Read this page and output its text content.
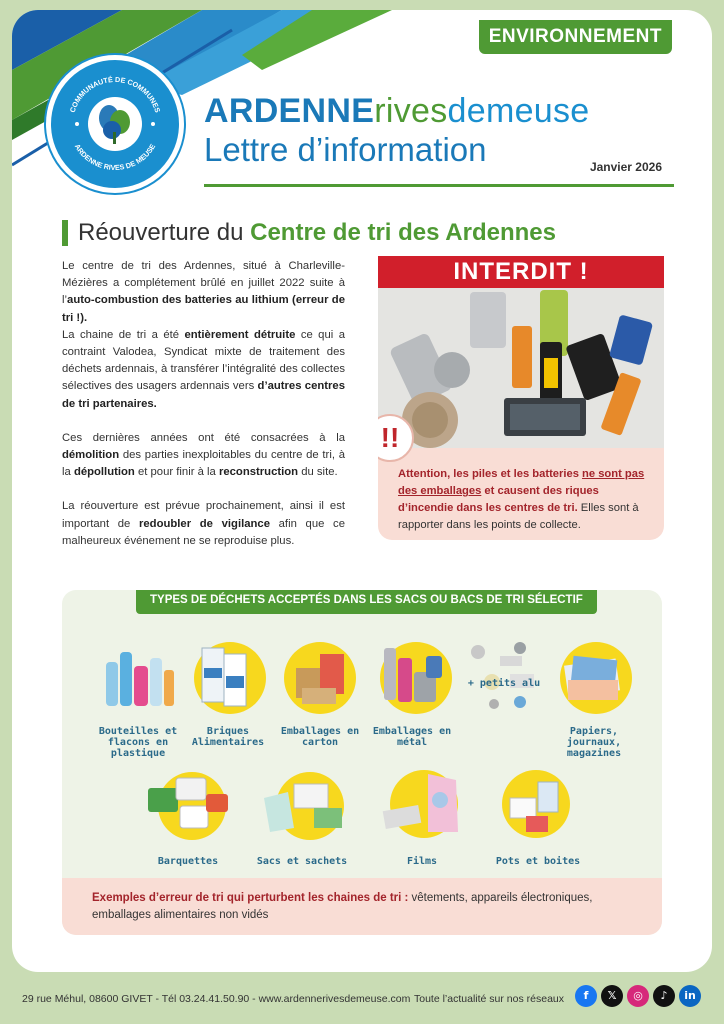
ENVIRONNEMENT
COMMUNAUTÉ DE COMMUNES
ARDENNE RIVES DE MEUSE
ARDENNErivesdemeuse
Lettre d’information	Janvier 2026
Réouverture du Centre de tri des Ardennes

Le centre de tri des Ardennes, situé à Charleville-Mézières a complétement brûlé en juillet 2022 suite à l’auto-combustion des batteries au lithium (erreur de tri !).

La chaine de tri a été entièrement détruite ce qui a contraint Valodea, Syndicat mixte de traitement des déchets ardennais, à transférer l’intégralité des collectes sélectives des usagers ardennais vers d’autres centres de tri partenaires.

Ces dernières années ont été consacrées à la démolition des parties inexploitables du centre de tri, à la dépollution et pour finir à la reconstruction du site.

La réouverture est prévue prochainement, ainsi il est important de redoubler de vigilance afin que ce malheureux événement ne se reproduise plus.

INTERDIT !
!!
Attention, les piles et les batteries ne sont pas des emballages et causent des riques d’incendie dans les centres de tri. Elles sont à rapporter dans les points de collecte.
TYPES DE DÉCHETS ACCEPTÉS DANS LES SACS OU BACS DE TRI SÉLECTIF
Bouteilles et flacons en plastique
Briques Alimentaires
Emballages en carton
Emballages en métal
+ petits alu
Papiers, journaux, magazines
Barquettes	Sacs et sachets	Films	Pots et boites
Exemples d’erreur de tri qui perturbent les chaines de tri : vêtements, appareils électroniques, emballages alimentaires non vidés
29 rue Méhul, 08600 GIVET - Tél 03.24.41.50.90 - www.ardennerivesdemeuse.com Toute l’actualité sur nos réseaux	f	𝕏	◎	♪	in
